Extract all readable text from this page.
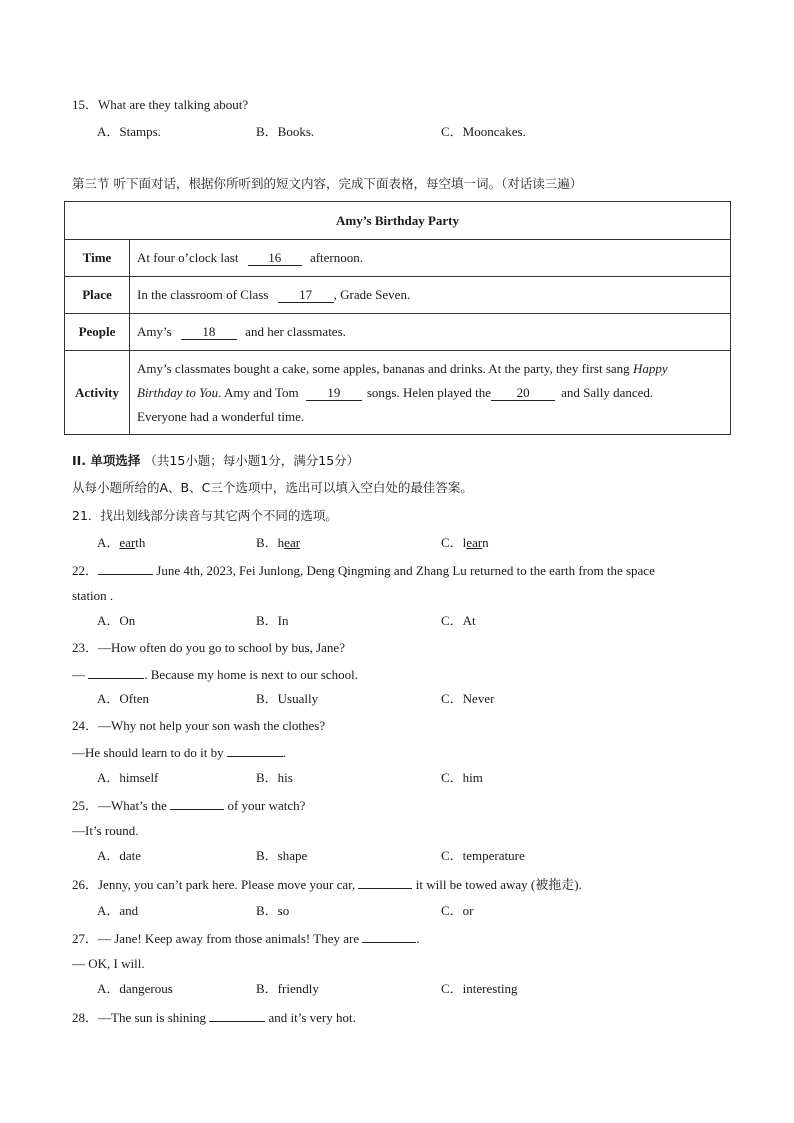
15．What are they talking about?
A．Stamps.	B．Books.	C．Mooncakes.
第三节 听下面对话，根据你所听到的短文内容，完成下面表格，每空填一词。（对话读三遍）
Amy’s Birthday Party	
Time	At four o’clock last 16 afternoon.
Place	In the classroom of Class 17 , Grade Seven.
People	Amy’s 18 and her classmates.
Activity	Amy’s classmates bought a cake, some apples, bananas and drinks. At the party, they first sang Happy
Birthday to You. Amy and Tom 19 songs. Helen played the 20 and Sally danced.
Everyone had a wonderful time.
II. 单项选择 （共15小题；每小题1分，满分15分）
从每小题所给的A、B、C三个选项中，选出可以填入空白处的最佳答案。
21．找出划线部分读音与其它两个不同的选项。
A．earth	B．hear	C．learn
22．	June 4th, 2023, Fei Junlong, Deng Qingming and Zhang Lu returned to the earth from the space
station .
A．On	B．In	C．At
23．—How often do you go to school by bus, Jane?
—	. Because my home is next to our school.
A．Often	B．Usually	C．Never
24．—Why not help your son wash the clothes?
—He should learn to do it by	.
A．himself	B．his	C．him
25．—What’s the	of your watch?
—It’s round.
A．date	B．shape	C．temperature
26．Jenny, you can’t park here. Please move your car,	it will be towed away (被拖走).
A．and	B．so	C．or
27．— Jane! Keep away from those animals! They are	.
— OK, I will.
A．dangerous	B．friendly	C．interesting
28．—The sun is shining	and it’s very hot.
